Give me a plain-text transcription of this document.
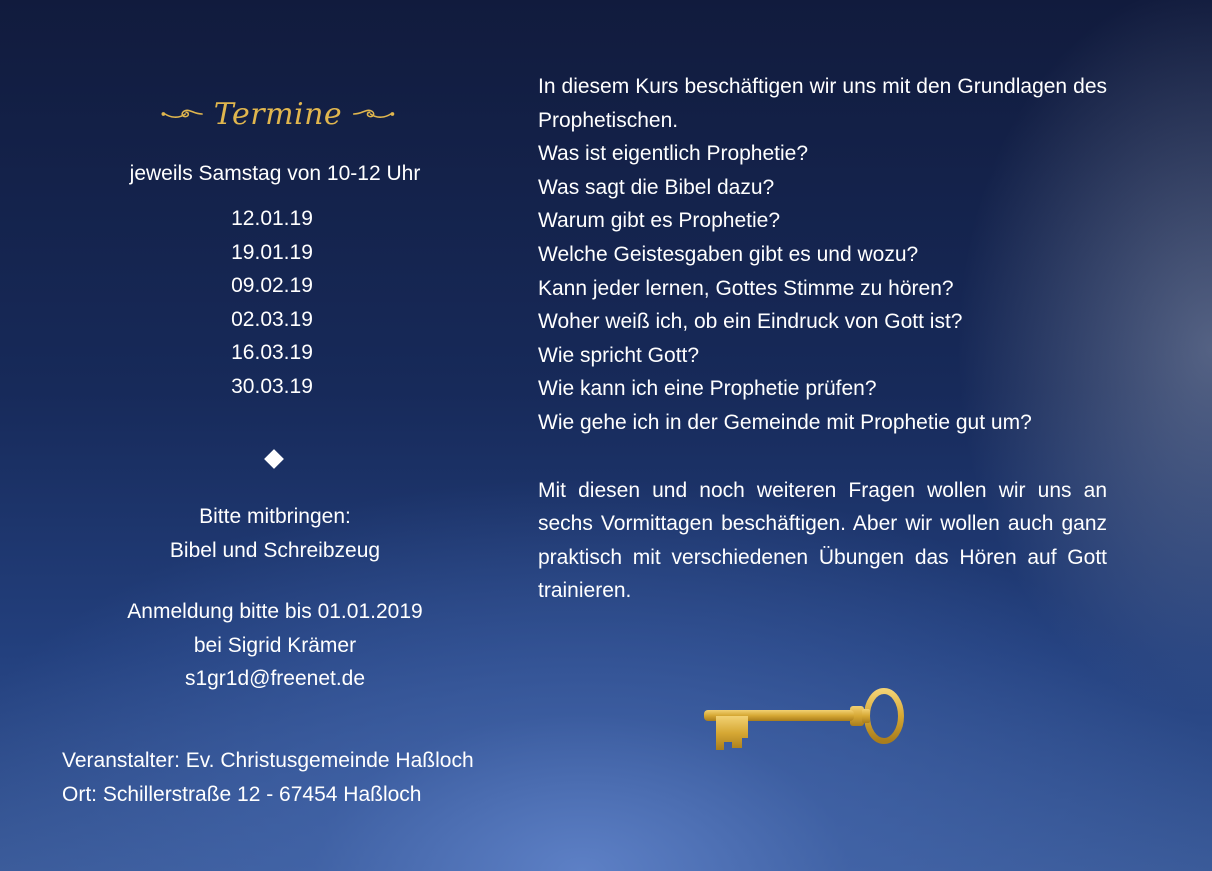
Termine
jeweils Samstag von 10-12 Uhr
12.01.19
19.01.19
09.02.19
02.03.19
16.03.19
30.03.19
Bitte mitbringen:
Bibel und Schreibzeug
Anmeldung bitte bis 01.01.2019
bei Sigrid Krämer
s1gr1d@freenet.de
Veranstalter: Ev. Christusgemeinde Haßloch
Ort: Schillerstraße 12 - 67454 Haßloch
In diesem Kurs beschäftigen wir uns mit den Grundlagen des Prophetischen.
Was ist eigentlich Prophetie?
Was sagt die Bibel dazu?
Warum gibt es Prophetie?
Welche Geistesgaben gibt es und wozu?
Kann jeder lernen, Gottes Stimme zu hören?
Woher weiß ich, ob ein Eindruck von Gott ist?
Wie spricht Gott?
Wie kann ich eine Prophetie prüfen?
Wie gehe ich in der Gemeinde mit Prophetie gut um?
Mit diesen und noch weiteren Fragen wollen wir uns an sechs Vormittagen beschäftigen. Aber wir wollen auch ganz praktisch mit verschiedenen Übungen das Hören auf Gott trainieren.
